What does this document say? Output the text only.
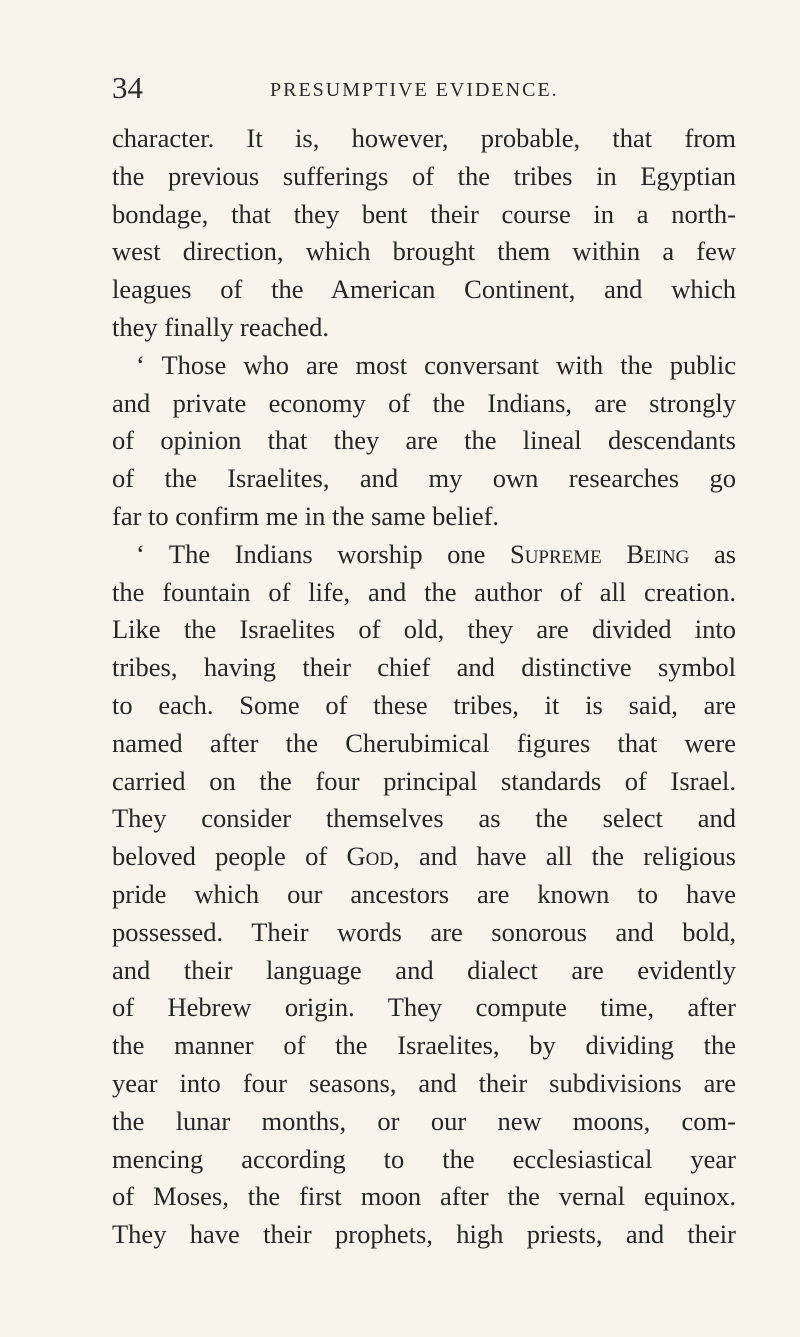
34	PRESUMPTIVE EVIDENCE.
character. It is, however, probable, that from
the previous sufferings of the tribes in Egyptian
bondage, that they bent their course in a north-
west direction, which brought them within a few
leagues of the American Continent, and which
they finally reached.
‘ Those who are most conversant with the public
and private economy of the Indians, are strongly
of opinion that they are the lineal descendants
of the Israelites, and my own researches go
far to confirm me in the same belief.
‘ The Indians worship one Supreme Being as
the fountain of life, and the author of all creation.
Like the Israelites of old, they are divided into
tribes, having their chief and distinctive symbol
to each. Some of these tribes, it is said, are
named after the Cherubimical figures that were
carried on the four principal standards of Israel.
They consider themselves as the select and
beloved people of God, and have all the religious
pride which our ancestors are known to have
possessed. Their words are sonorous and bold,
and their language and dialect are evidently
of Hebrew origin. They compute time, after
the manner of the Israelites, by dividing the
year into four seasons, and their subdivisions are
the lunar months, or our new moons, com-
mencing according to the ecclesiastical year
of Moses, the first moon after the vernal equinox.
They have their prophets, high priests, and their
